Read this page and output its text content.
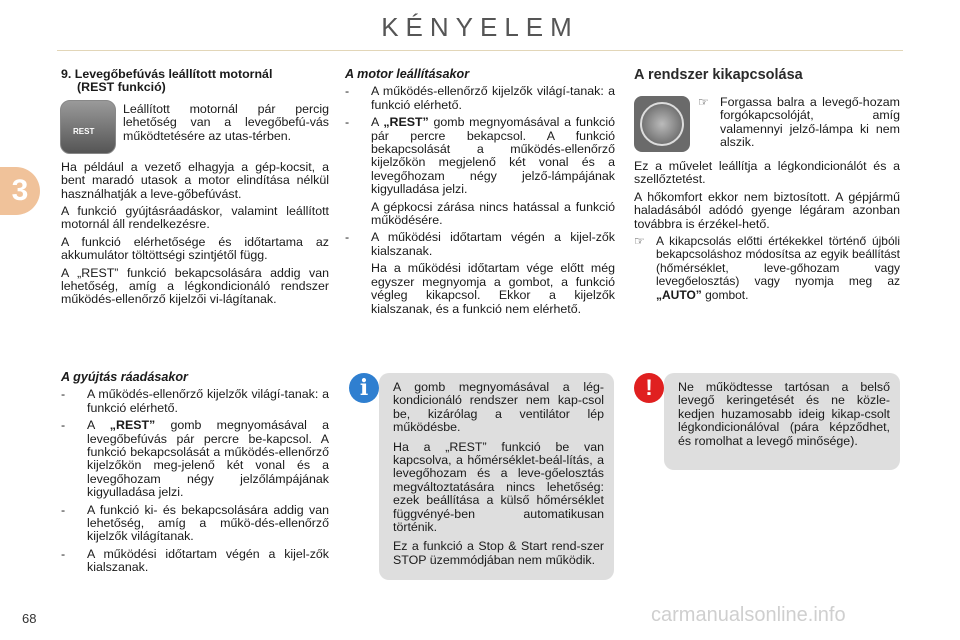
KÉNYELEM
3
9. Levegőbefúvás leállított motornál
(REST funkció)

Leállított motornál pár percig lehetőség van a levegőbefú-vás működtetésére az utas-térben.

Ha például a vezető elhagyja a gép-kocsit, a bent maradó utasok a motor elindítása nélkül használhatják a leve-gőbefúvást.

A funkció gyújtásráadáskor, valamint leállított motornál áll rendelkezésre.

A funkció elérhetősége és időtartama az akkumulátor töltöttségi szintjétől függ.

A „REST” funkció bekapcsolására addig van lehetőség, amíg a légkondicionáló rendszer működés-ellenőrző kijelzői vi-lágítanak.

REST
A gyújtás ráadásakor
-	A működés-ellenőrző kijelzők világí-tanak: a funkció elérhető.
-	A „REST” gomb megnyomásával a levegőbefúvás pár percre be-kapcsol. A funkció bekapcsolását a működés-ellenőrző kijelzőkön meg-jelenő két vonal és a levegőhozam négy jelzőlámpájának kigyulladása jelzi.
-	A funkció ki- és bekapcsolására addig van lehetőség, amíg a műkö-dés-ellenőrző kijelzők világítanak.
-	A működési időtartam végén a kijel-zők kialszanak.
A motor leállításakor
-	A működés-ellenőrző kijelzők világí-tanak: a funkció elérhető.
-	A „REST” gomb megnyomásával a funkció pár percre bekapcsol. A funkció bekapcsolását a működés-ellenőrző kijelzőkön megjelenő két vonal és a levegőhozam négy jelző-lámpájának kigyulladása jelzi.
A gépkocsi zárása nincs hatással a funkció működésére.
-	A működési időtartam végén a kijel-zők kialszanak.
Ha a működési időtartam vége előtt még egyszer megnyomja a gombot, a funkció végleg kikapcsol. Ekkor a kijelzők kialszanak, és a funkció nem elérhető.
A rendszer kikapcsolása
☞ Forgassa balra a levegő-hozam forgókapcsolóját, amíg valamennyi jelző-lámpa ki nem alszik.

Ez a művelet leállítja a légkondicionálót és a szellőztetést.

A hőkomfort ekkor nem biztosított. A gépjármű haladásából adódó gyenge légáram azonban továbbra is érzékel-hető.

☞ A kikapcsolás előtti értékekkel történő újbóli bekapcsoláshoz módosítsa az egyik beállítást (hőmérséklet, leve-gőhozam vagy levegőelosztás) vagy nyomja meg az „AUTO” gombot.

A gomb megnyomásával a lég-kondicionáló rendszer nem kap-csol be, kizárólag a ventilátor lép működésbe.

Ha a „REST” funkció be van kapcsolva, a hőmérséklet-beál-lítás, a levegőhozam és a leve-gőelosztás megváltoztatására nincs lehetőség: ezek beállítása a külső hőmérséklet függvényé-ben automatikusan történik.

Ez a funkció a Stop & Start rend-szer STOP üzemmódjában nem működik.

i	Ne működtesse tartósan a belső levegő keringetését és ne közle-kedjen huzamosabb ideig kikap-csolt légkondicionálóval (pára képződhet, és romolhat a levegő minősége).

!
68	carmanualsonline.info
